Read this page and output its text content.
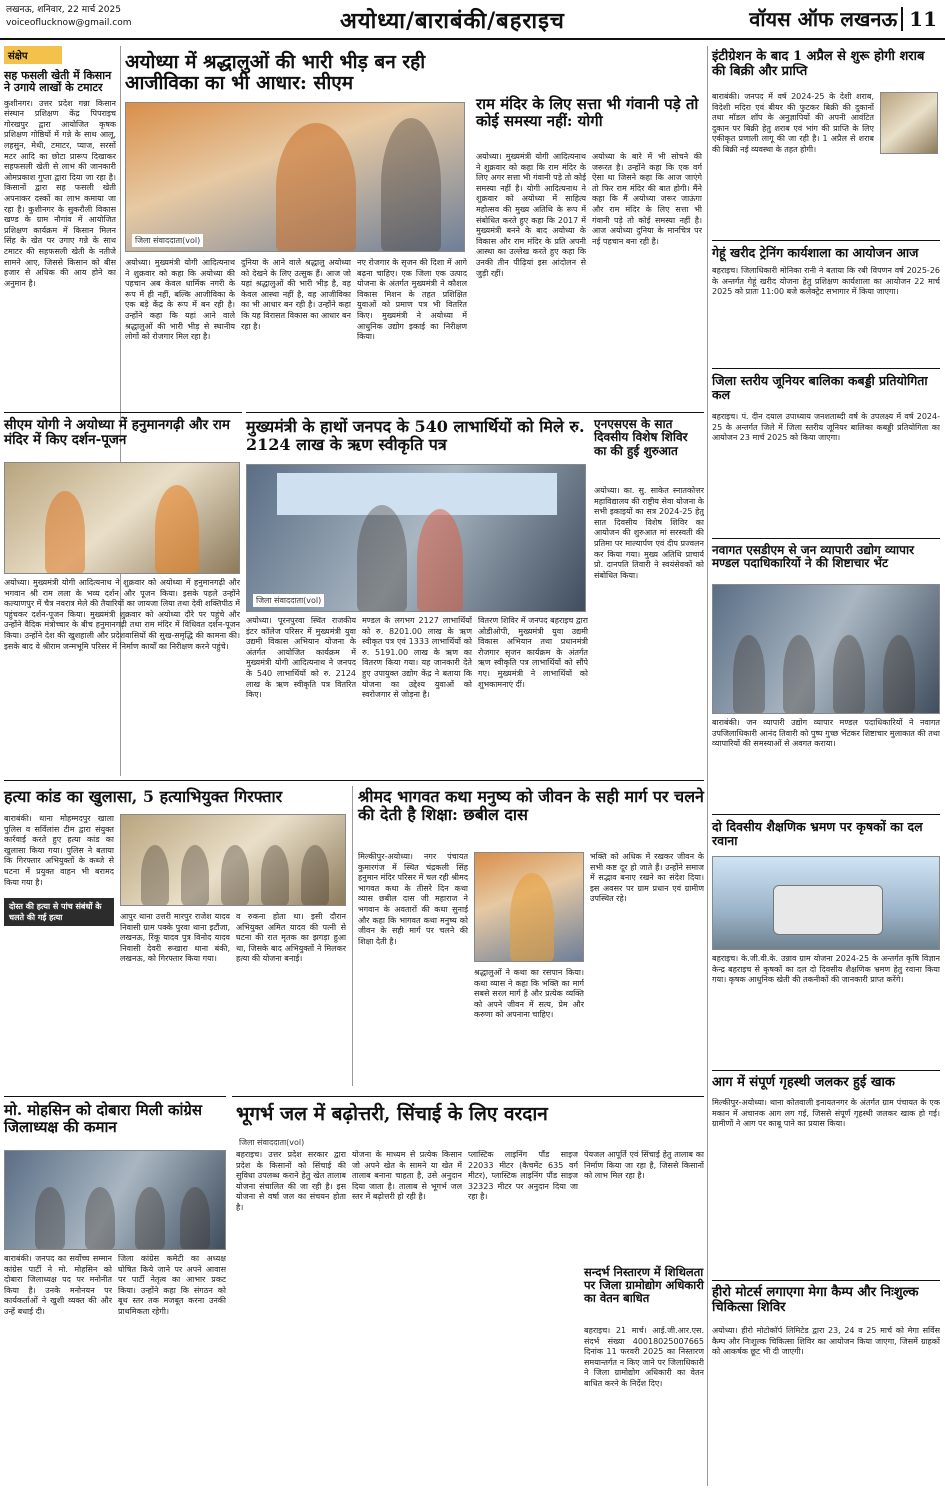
लखनऊ, शनिवार, 22 मार्च 2025
voiceoflucknow@gmail.com	अयोध्या/बाराबंकी/बहराइच	वॉयस ऑफ लखनऊ 11
संक्षेप
सह फसली खेती में किसान ने उगाये लाखों के टमाटर
कुशीनगर। उत्तर प्रदेश गन्ना किसान संस्थान प्रशिक्षण केंद्र पिपराइच गोरखपुर द्वारा आयोजित कृषक प्रशिक्षण गोष्ठियों में गन्ने के साथ आलू, लहसुन, मेथी, टमाटर, प्याज, सरसों मटर आदि का छोटा प्रारूप दिखाकर सहफसली खेती से लाभ की जानकारी ओमप्रकाश गुप्ता द्वारा दिया जा रहा है। किसानों द्वारा सह फसली खेती अपनाकर दस्कों का लाभ कमाया जा रहा है। कुशीनगर के सुकरौली विकास खण्ड के ग्राम नौगांव में आयोजित प्रशिक्षण कार्यक्रम में किसान मिलन सिंह के खेत पर उगाए गन्ने के साथ टमाटर की सहफसली खेती के नतीजे सामने आए, जिससे किसान को बीस हजार से अधिक की आय होने का अनुमान है।
अयोध्या में श्रद्धालुओं की भारी भीड़ बन रही आजीविका का भी आधार: सीएम
जिला संवाददाता(vol)
अयोध्या। मुख्यमंत्री योगी आदित्यनाथ ने शुक्रवार को कहा कि अयोध्या की पहचान अब केवल धार्मिक नगरी के रूप में ही नहीं, बल्कि आजीविका के एक बड़े केंद्र के रूप में बन रही है। उन्होंने कहा कि यहां आने वाले श्रद्धालुओं की भारी भीड़ से स्थानीय लोगों को रोजगार मिल रहा है।
दुनिया के आने वाले श्रद्धालु अयोध्या को देखने के लिए उत्सुक हैं। आज जो यहां श्रद्धालुओं की भारी भीड़ है, वह केवल आस्था नहीं है, वह आजीविका का भी आधार बन रही है। उन्होंने कहा कि यह विरासत विकास का आधार बन रहा है।
नए रोजगार के सृजन की दिशा में आगे बढ़ना चाहिए। एक जिला एक उत्पाद योजना के अंतर्गत मुख्यमंत्री ने कौशल विकास मिशन के तहत प्रशिक्षित युवाओं को प्रमाण पत्र भी वितरित किए। मुख्यमंत्री ने अयोध्या में आधुनिक उद्योग इकाई का निरीक्षण किया।
राम मंदिर के लिए सत्ता भी गंवानी पड़े तो कोई समस्या नहीं: योगी
अयोध्या। मुख्यमंत्री योगी आदित्यनाथ ने शुक्रवार को कहा कि राम मंदिर के लिए अगर सत्ता भी गंवानी पड़े तो कोई समस्या नहीं है। योगी आदित्यनाथ ने शुक्रवार को अयोध्या में साहित्य महोत्सव की मुख्य अतिथि के रूप में संबोधित करते हुए कहा कि 2017 में मुख्यमंत्री बनने के बाद अयोध्या के विकास और राम मंदिर के प्रति अपनी आस्था का उल्लेख करते हुए कहा कि उनकी तीन पीढ़ियां इस आंदोलन से जुड़ी रहीं।
अयोध्या के बारे में भी सोचने की जरूरत है। उन्होंने कहा कि एक वर्ग ऐसा था जिसने कहा कि आज जाएंगे तो फिर राम मंदिर की बात होगी। मैंने कहा कि मैं अयोध्या जरूर जाऊंगा और राम मंदिर के लिए सत्ता भी गंवानी पड़े तो कोई समस्या नहीं है। आज अयोध्या दुनिया के मानचित्र पर नई पहचान बना रही है।
सीएम योगी ने अयोध्या में हनुमानगढ़ी और राम मंदिर में किए दर्शन-पूजन
अयोध्या। मुख्यमंत्री योगी आदित्यनाथ ने शुक्रवार को अयोध्या में हनुमानगढ़ी और भगवान श्री राम लला के भव्य दर्शन और पूजन किया। इसके पहले उन्होंने कल्याणपुर में चैत्र नवरात्र मेले की तैयारियों का जायजा लिया तथा देवी शक्तिपीठ में पहुंचकर दर्शन-पूजन किया। मुख्यमंत्री शुक्रवार को अयोध्या दौरे पर पहुंचे और उन्होंने वैदिक मंत्रोच्चार के बीच हनुमानगढ़ी तथा राम मंदिर में विधिवत दर्शन-पूजन किया। उन्होंने देश की खुशहाली और प्रदेशवासियों की सुख-समृद्धि की कामना की। इसके बाद वे श्रीराम जन्मभूमि परिसर में निर्माण कार्यों का निरीक्षण करने पहुंचे।
मुख्यमंत्री के हाथों जनपद के 540 लाभार्थियों को मिले रु. 2124 लाख के ऋण स्वीकृति पत्र
जिला संवाददाता(vol)
अयोध्या। पूरनपुरवा स्थित राजकीय इंटर कॉलेज परिसर में मुख्यमंत्री युवा उद्यमी विकास अभियान योजना के अंतर्गत आयोजित कार्यक्रम में मुख्यमंत्री योगी आदित्यनाथ ने जनपद के 540 लाभार्थियों को रु. 2124 लाख के ऋण स्वीकृति पत्र वितरित किए।
मण्डल के लगभग 2127 लाभार्थियों को रु. 8201.00 लाख के ऋण स्वीकृत पत्र एवं 1333 लाभार्थियों को रु. 5191.00 लाख के ऋण का वितरण किया गया। यह जानकारी देते हुए उपायुक्त उद्योग केंद्र ने बताया कि योजना का उद्देश्य युवाओं को स्वरोजगार से जोड़ना है।
वितरण शिविर में जनपद बहराइच द्वारा ओडीओपी, मुख्यमंत्री युवा उद्यमी विकास अभियान तथा प्रधानमंत्री रोजगार सृजन कार्यक्रम के अंतर्गत ऋण स्वीकृति पत्र लाभार्थियों को सौंपे गए। मुख्यमंत्री ने लाभार्थियों को शुभकामनाएं दीं।
एनएसएस के सात दिवसीय विशेष शिविर का की हुई शुरुआत
अयोध्या। का. सु. साकेत स्नातकोत्तर महाविद्यालय की राष्ट्रीय सेवा योजना के सभी इकाइयों का सत्र 2024-25 हेतु सात दिवसीय विशेष शिविर का आयोजन की शुरुआत मां सरस्वती की प्रतिमा पर माल्यार्पण एवं दीप प्रज्वलन कर किया गया। मुख्य अतिथि प्राचार्य प्रो. दानपति तिवारी ने स्वयंसेवकों को संबोधित किया।
हत्या कांड का खुलासा, 5 हत्याभियुक्त गिरफ्तार
बाराबंकी। थाना मोहम्मदपुर खाला पुलिस व सर्विलांस टीम द्वारा संयुक्त कार्रवाई करते हुए हत्या कांड का खुलासा किया गया। पुलिस ने बताया कि गिरफ्तार अभियुक्तों के कब्जे से घटना में प्रयुक्त वाहन भी बरामद किया गया है।
दोस्त की हत्या से पांच संबंधों के चलते की गई हत्या	आपुर थाना उत्तरी मारपुर राजेश यादव निवासी ग्राम पक्के पुरवा थाना इटौंजा, लखनऊ, रिंकू यादव पुत्र विनोद यादव निवासी देवरी रूखारा थाना बंकी, लखनऊ, को गिरफ्तार किया गया।
व रुकना होता था। इसी दौरान अभियुक्त अमित यादव की पत्नी से घटना की रात मृतक का झगड़ा हुआ था, जिसके बाद अभियुक्तों ने मिलकर हत्या की योजना बनाई।
श्रीमद भागवत कथा मनुष्य को जीवन के सही मार्ग पर चलने की देती है शिक्षा: छबील दास
मिल्कीपुर-अयोध्या। नगर पंचायत कुमारगंज में स्थित चंद्रकली सिंह हनुमान मंदिर परिसर में चल रही श्रीमद भागवत कथा के तीसरे दिन कथा व्यास छबील दास जी महाराज ने भगवान के अवतारों की कथा सुनाई और कहा कि भागवत कथा मनुष्य को जीवन के सही मार्ग पर चलने की शिक्षा देती है।
श्रद्धालुओं ने कथा का रसपान किया। कथा व्यास ने कहा कि भक्ति का मार्ग सबसे सरल मार्ग है और प्रत्येक व्यक्ति को अपने जीवन में सत्य, प्रेम और करुणा को अपनाना चाहिए।
भक्ति को अधिक में रखकर जीवन के सभी कष्ट दूर हो जाते हैं। उन्होंने समाज में सद्भाव बनाए रखने का संदेश दिया। इस अवसर पर ग्राम प्रधान एवं ग्रामीण उपस्थित रहे।
मो. मोहसिन को दोबारा मिली कांग्रेस जिलाध्यक्ष की कमान
बाराबंकी। जनपद का सर्वोच्च सम्मान कांग्रेस पार्टी ने मो. मोहसिन को दोबारा जिलाध्यक्ष पद पर मनोनीत किया है। उनके मनोनयन पर कार्यकर्ताओं ने खुशी व्यक्त की और उन्हें बधाई दी।
जिला कांग्रेस कमेटी का अध्यक्ष घोषित किये जाने पर अपने आवास पर पार्टी नेतृत्व का आभार प्रकट किया। उन्होंने कहा कि संगठन को बूथ स्तर तक मजबूत करना उनकी प्राथमिकता रहेगी।
भूगर्भ जल में बढ़ोत्तरी, सिंचाई के लिए वरदान
जिला संवाददाता(vol)
बहराइच। उत्तर प्रदेश सरकार द्वारा प्रदेश के किसानों को सिंचाई की सुविधा उपलब्ध कराने हेतु खेत तालाब योजना संचालित की जा रही है। इस योजना से वर्षा जल का संचयन होता है।
योजना के माध्यम से प्रत्येक किसान जो अपने खेत के सामने या खेत में तालाब बनाना चाहता है, उसे अनुदान दिया जाता है। तालाब से भूगर्भ जल स्तर में बढ़ोत्तरी हो रही है।
प्लास्टिक लाइनिंग पौंड साइज 22033 मीटर (कैचमेंट 635 वर्ग मीटर), प्लास्टिक लाइनिंग पौंड साइज 32323 मीटर पर अनुदान दिया जा रहा है।
पेयजल आपूर्ति एवं सिंचाई हेतु तालाब का निर्माण किया जा रहा है, जिससे किसानों को लाभ मिल रहा है।
सन्दर्भ निस्तारण में शिथिलता पर जिला ग्रामोद्योग अधिकारी का वेतन बाधित
बहराइच। 21 मार्च। आई.जी.आर.एस. संदर्भ संख्या 40018025007665 दिनांक 11 फरवरी 2025 का निस्तारण समयान्तर्गत न किए जाने पर जिलाधिकारी ने जिला ग्रामोद्योग अधिकारी का वेतन बाधित करने के निर्देश दिए।
इंटीग्रेशन के बाद 1 अप्रैल से शुरू होगी शराब की बिक्री और प्राप्ति
बाराबंकी। जनपद में वर्ष 2024-25 के देशी शराब, विदेशी मदिरा एवं बीयर की फुटकर बिक्री की दुकानों तथा मॉडल शॉप के अनुज्ञापियों की अपनी आवंटित दुकान पर बिक्री हेतु शराब एवं भांग की प्राप्ति के लिए एकीकृत प्रणाली लागू की जा रही है। 1 अप्रैल से शराब की बिक्री नई व्यवस्था के तहत होगी।
गेहूं खरीद ट्रेनिंग कार्यशाला का आयोजन आज
बहराइच। जिलाधिकारी मोनिका रानी ने बताया कि रबी विपणन वर्ष 2025-26 के अन्तर्गत गेहूं खरीद योजना हेतु प्रशिक्षण कार्यशाला का आयोजन 22 मार्च 2025 को प्रातः 11:00 बजे कलेक्ट्रेट सभागार में किया जाएगा।
जिला स्तरीय जूनियर बालिका कबड्डी प्रतियोगिता कल
बहराइच। पं. दीन दयाल उपाध्याय जनशताब्दी वर्ष के उपलक्ष्य में वर्ष 2024-25 के अन्तर्गत जिले में जिला स्तरीय जूनियर बालिका कबड्डी प्रतियोगिता का आयोजन 23 मार्च 2025 को किया जाएगा।
नवागत एसडीएम से जन व्यापारी उद्योग व्यापार मण्डल पदाधिकारियों ने की शिष्टाचार भेंट
बाराबंकी। जन व्यापारी उद्योग व्यापार मण्डल पदाधिकारियों ने नवागत उपजिलाधिकारी आनंद तिवारी को पुष्प गुच्छ भेंटकर शिष्टाचार मुलाकात की तथा व्यापारियों की समस्याओं से अवगत कराया।
दो दिवसीय शैक्षणिक भ्रमण पर कृषकों का दल रवाना
बहराइच। के.जी.वी.के. उन्नाव ग्राम योजना 2024-25 के अन्तर्गत कृषि विज्ञान केन्द्र बहराइच से कृषकों का दल दो दिवसीय शैक्षणिक भ्रमण हेतु रवाना किया गया। कृषक आधुनिक खेती की तकनीकों की जानकारी प्राप्त करेंगे।
आग में संपूर्ण गृहस्थी जलकर हुई खाक
मिल्कीपुर-अयोध्या। थाना कोतवाली इनायतनगर के अंतर्गत ग्राम पंचायत के एक मकान में अचानक आग लग गई, जिससे संपूर्ण गृहस्थी जलकर खाक हो गई। ग्रामीणों ने आग पर काबू पाने का प्रयास किया।
हीरो मोटर्स लगाएगा मेगा कैम्प और निःशुल्क चिकित्सा शिविर
अयोध्या। हीरो मोटोकॉर्प लिमिटेड द्वारा 23, 24 व 25 मार्च को मेगा सर्विस कैम्प और निःशुल्क चिकित्सा शिविर का आयोजन किया जाएगा, जिसमें ग्राहकों को आकर्षक छूट भी दी जाएगी।
